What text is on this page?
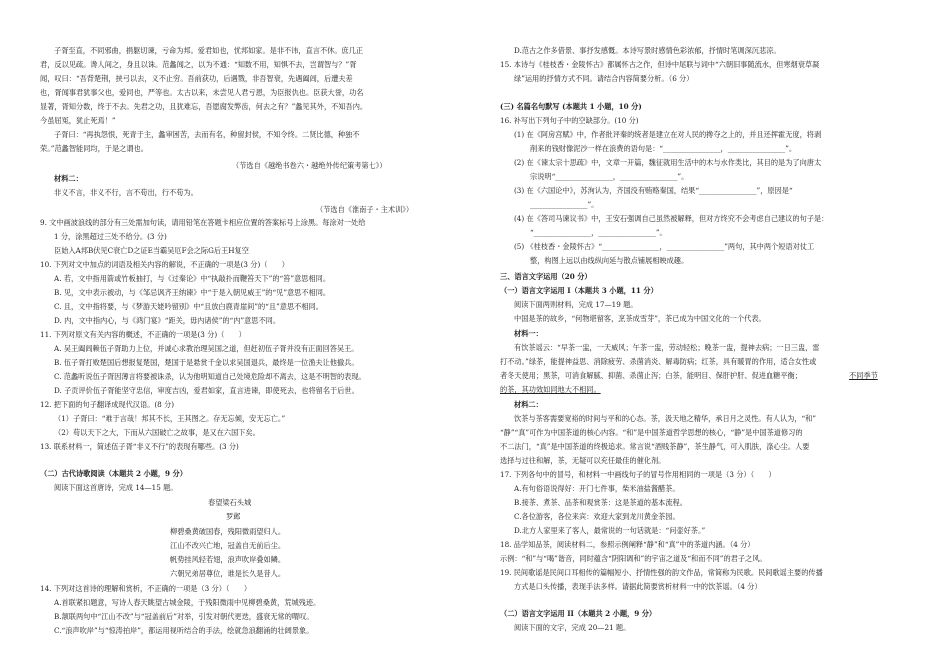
子胥至直，不同邪曲，捐躯切谏，亏命为邦。爱君如也，忧邦如家。是非不讳，直言不休。庶几正
君，反以见疏。谗人间之，身且以诛。范蠡闻之，以为不通：“知数不用，知惧不去，岂谓智与？”胥
闻，叹曰：“吾背楚荆，挟弓以去，义不止穷。吾前获功，后遇戮，非吾智衰，先遇阖闾，后遭夫差
也，胥闻事君犹事父也，爱同也，严等也。太古以来，未尝见人君亏恩，为臣报仇也。臣获大誉，功名
显著，胥知分数，终于不去。先君之功，且犹难忘，吾愿腐发弊齿，何去之有？”蠡见其外，不知吾内。
今虽屈冤，犹止死焉！”
子胥曰：“再执怨恨，死青于主，蠡审困苦，去而有名，种留封侯，不知令终。二贤比德，种独不
荣。”范蠡智能同均，于是之谓也。
（节选自《越绝书卷六・越绝外传纪策考第七》）
材料二：
非义不言，非义不行，言不苟出，行不苟为。
（节选自《淮南子・主术训》）
9. 文中画波浪线的部分有三处需加句读，请用铅笔在答题卡相应位置的答案标号上涂黑。每涂对一处给
1 分，涂黑超过三处不给分。(3 分)
臣始入A邦B伏见C衰亡D之证E当霸吴厄F会之际G后王H复空
10. 下列对文中加点的词语及相关内容的解说，不正确的一项是(3 分)（　　）
A. 若，文中指用箭或竹板抽打，与《过秦论》中“执敲扑而鞭笞天下”的“笞”意思相同。
B. 见，文中表示被动，与《邹忌讽齐王纳谏》中“于是入朝见威王”的“见”意思不相同。
C. 且，文中指将要，与《梦游天姥吟留别》中“且放白鹿青崖间”的“且”意思不相同。
D. 内，文中指内心，与《鸿门宴》“距关，毋内诸侯”的“内”意思不同。
11. 下列对原文有关内容的概述，不正确的一项是(3 分)（　　）
A. 吴王阖闾赖伍子胥助力上位，并诚心求教治理吴国之道，但赶初伍子胥并没有正面回答吴王。
B. 伍子胥打败楚国后想报复楚国，楚国于是悬赏千金以求吴国退兵，最终是一位渔夫让他撤兵。
C. 范蠡听说伍子胥因薄言将要被诛杀，认为他明知道自己处境危险却不离去，这是不明智的表现。
D. 子贡评价伍子胥能坚守忠信，审度吉凶，爱君如家，直言进谏，即使死去，也将留名于后世。
12. 把下面的句子翻译成现代汉语。(8 分)
（1）子胥曰：“难于言哉！邦其不长，王其图之。存无忘倾，安无忘亡。”
（2）苟以天下之大，下而从六国破亡之故事，是又在六国下矣。
13. 联系材料一，简述伍子胥“非义不行”的表现有哪些。(3 分)
（二）古代诗歌阅读（本题共 2 小题，9 分）
阅读下面这首唐诗，完成 14—15 题。
春望梁石头城
罗邺
柳碧桑黄破国春，残阳微雨望归人。
江山不改兴亡地，冠盖自无前后尘。
帆势挂风轻若翅，浪声吹岸叠如鳞。
六朝兄弟居尊位，谁是长久是昔人。
14. 下列对这首诗的理解和赏析，不正确的一项是（3 分）（　　）
A.首联紧扣题意，写诗人春天眺望古城金陵，于残阳微雨中见柳碧桑黄，荒城残迹。
B.颔联两句中“江山不改”与“冠盖前后”对举，引发对朝代更迭，盛衰无常的喟叹。
C.“浪声吹岸”与“惊涛拍岸”，都运用视听结合的手法，绘就急浪翻涌的壮阔景象。
D.范古之作多借景、事抒发感慨。本诗写景时感情色彩浓郁，抒情时笔调深沉悲凉。
15. 本诗与《桂枝香・金陵怀古》都属怀古之作，但诗中尾联与词中“六朝旧事随流水，但寒烟衰草凝
绿”运用的抒情方式不同。请结合内容简要分析。（6 分）
(三) 名篇名句默写 (本题共 1 小题，10 分)
16. 补写出下列句子中的空缺部分。(10 分)
(1) 在《阿房宫赋》中，作者批评秦的统者是建立在对人民的搀夺之上的，并且还挥霍无度，将剥
削来的钱财像泥沙一样在浪费的语句是：“________________，________________”。
(2) 在《谏太宗十思疏》中，文章一开篇，魏征就用生活中的木与水作类比，其目的是为了向唐太
宗说明“________________，________________”。
(3) 在《六国论中》，苏洵认为，齐国没有贿赂秦国，结果“________________”，原因是“
________________”。
(4) 在《答司马谏议书》中，王安石强调自己虽然被解释，但对方终究不会考虑自己建议的句子是：
“________________，________________”。
(5) 《桂枝香・金陵怀古》“________________，________________”两句，其中两个短语对仗工
整，构图上远以由线纵向延与散点铺展相映成趣。
三、语言文字运用（20 分）
（一）语言文字运用 I（本题共 3 小题，11 分）
阅读下面两则材料，完成 17—19 题。
中国是茶的故乡，“何物堪留客，烹茶成雪芽”，茶已成为中国文化的一个代表。
材料一：
有饮茶谣云：“早茶一盅，一天威风；午茶一盅，劳动轻松；晚茶一盅，提神去病；一日三盅，雷
打不动。”绿茶，能提神益思、消除疲劳、杀菌消炎、解毒防病；红茶，具有暖胃的作用，适合女性或
者冬天使用；黑茶，可消食解腻、抑菌、杀菌止泻；白茶，能明目、保肝护肝、促进血糖平衡；	不同季节
的茶，其功效如同地大不相同。
材料二：
饮茶与茶客需要宽裕的时间与平和的心态。茶，汲天地之精华，承日月之灵性。有人认为，“和”
“静”“真”可作为中国茶道的核心内容。“和”是中国茶道哲学思想的核心，“静”是中国茶道修习的
不二法门，“真”是中国茶道的终极追求。常言说“酒贱茶静”，茶生静气，可入肌肤，涤心尘。人要
选择与过往和解，茶，无疑可以充任最佳的催化剂。
17. 下列各句中的冒号，和材料一中画线句子的冒号作用相同的一项是（3 分）（　　）
A.有句俗语说得好：开门七件事，柴米油盐酱醋茶。
B.接茶、煮茶、品茶和观赏茶：这是茶道的基本流程。
C.各位游客，各位来宾：欢迎大家到龙川黄金茶园。
D.北方人家里来了客人，最常说的一句话就是：“问壶好茶。”
18. 品学知品茶，阅读材料二，参照示例阐释“静”和“真”中的茶道内涵。（4 分）
示例：“和”与“喝”谐音，同时蕴含“阴阳调和”的宇宙之道及“和而不同”的君子之风。
19. 民间歌谣是民间口耳相传的篇幅短小、抒情性强的韵文作品，常简称为民歌。民间歌谣主要的传播
方式是口头传播，表现手法多样。请据此简要赏析材料一中的饮茶谣。（4 分）
（二）语言文字运用 II（本题共 2 小题，9 分）
阅读下面的文字，完成 20—21 题。
